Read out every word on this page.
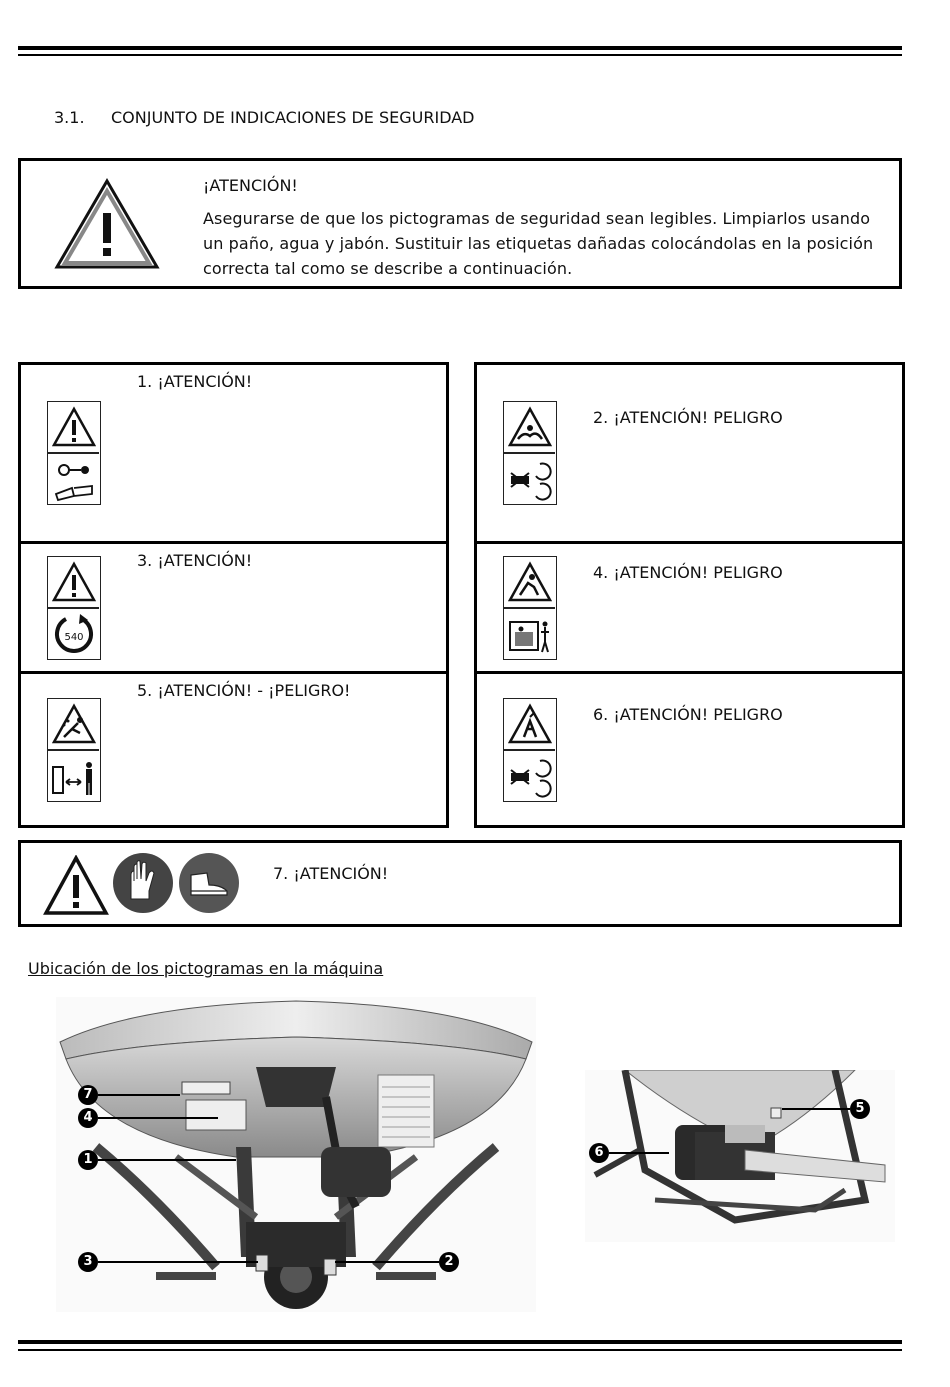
3.1. CONJUNTO DE INDICACIONES DE SEGURIDAD
¡ATENCIÓN!
Asegurarse de que los pictogramas de seguridad sean legibles. Limpiarlos usando
un paño, agua y jabón. Sustituir las etiquetas dañadas colocándolas en la posición
correcta tal como se describe a continuación.
1. ¡ATENCIÓN!
2. ¡ATENCIÓN! PELIGRO
3. ¡ATENCIÓN!
540
4. ¡ATENCIÓN! PELIGRO
5. ¡ATENCIÓN! - ¡PELIGRO!
6. ¡ATENCIÓN! PELIGRO
7. ¡ATENCIÓN!
Ubicación de los pictogramas en la máquina
7
4
1
3	2
5
6
